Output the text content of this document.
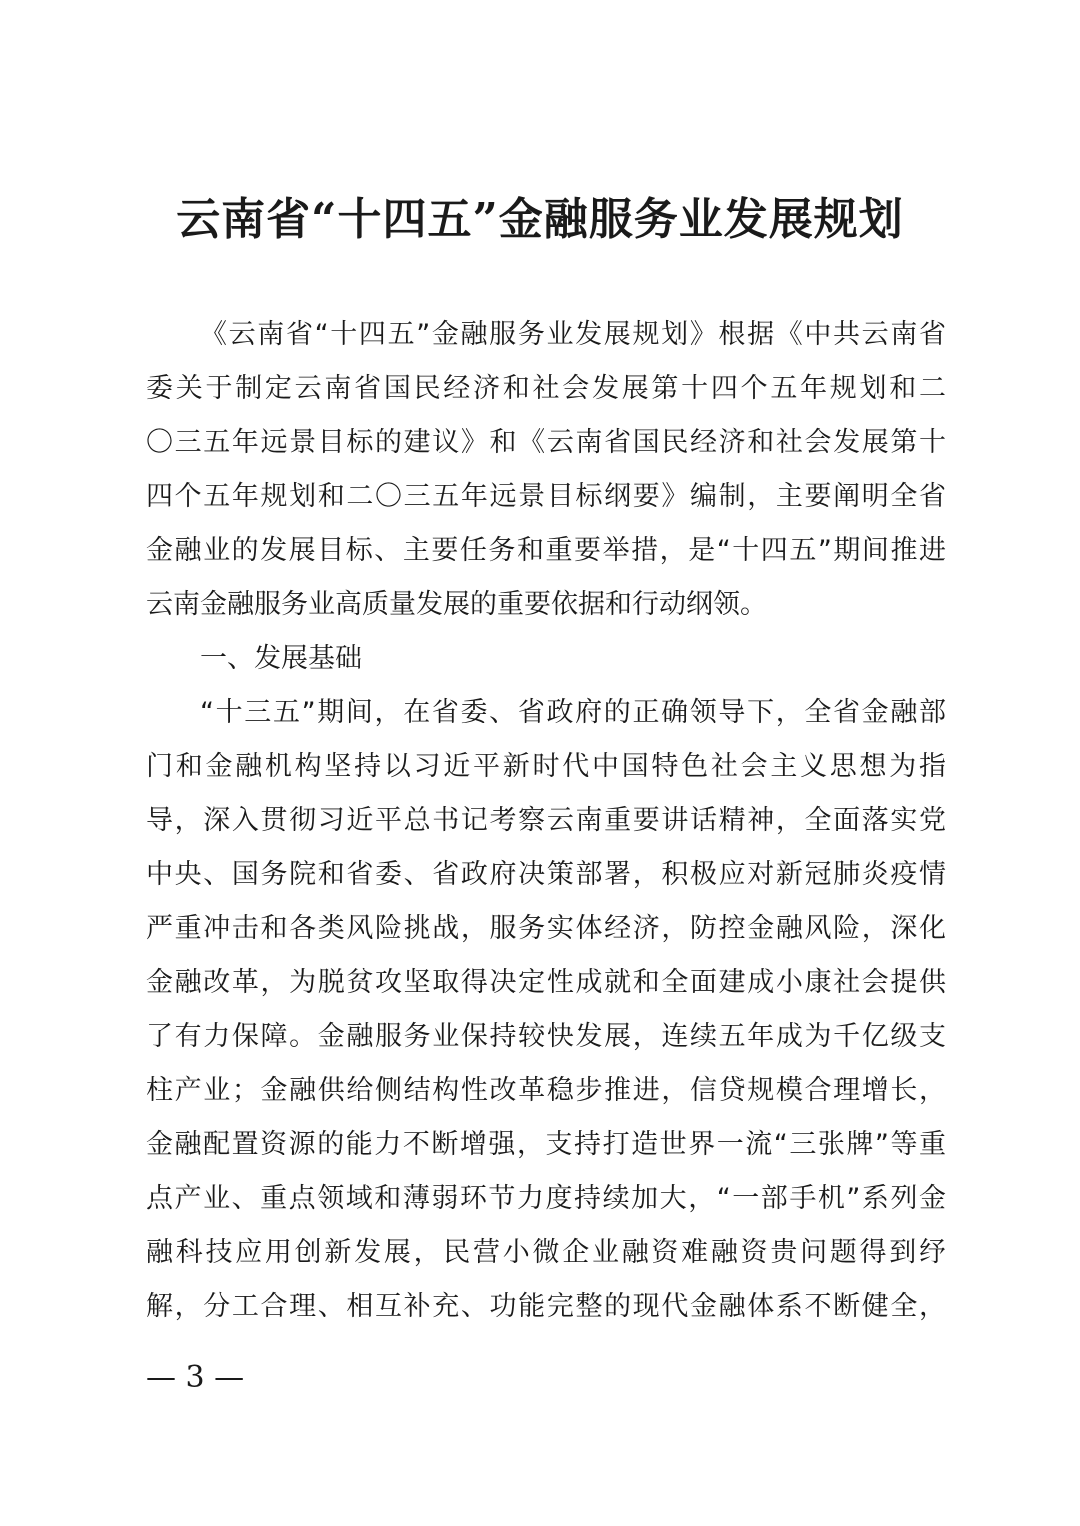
云南省“十四五”金融服务业发展规划
《云南省“十四五”金融服务业发展规划》根据《中共云南省
委关于制定云南省国民经济和社会发展第十四个五年规划和二
〇三五年远景目标的建议》和《云南省国民经济和社会发展第十
四个五年规划和二〇三五年远景目标纲要》编制，主要阐明全省
金融业的发展目标、主要任务和重要举措，是“十四五”期间推进
云南金融服务业高质量发展的重要依据和行动纲领。
一、发展基础
“十三五”期间，在省委、省政府的正确领导下，全省金融部
门和金融机构坚持以习近平新时代中国特色社会主义思想为指
导，深入贯彻习近平总书记考察云南重要讲话精神，全面落实党
中央、国务院和省委、省政府决策部署，积极应对新冠肺炎疫情
严重冲击和各类风险挑战，服务实体经济，防控金融风险，深化
金融改革，为脱贫攻坚取得决定性成就和全面建成小康社会提供
了有力保障。金融服务业保持较快发展，连续五年成为千亿级支
柱产业；金融供给侧结构性改革稳步推进，信贷规模合理增长，
金融配置资源的能力不断增强，支持打造世界一流“三张牌”等重
点产业、重点领域和薄弱环节力度持续加大，“一部手机”系列金
融科技应用创新发展，民营小微企业融资难融资贵问题得到纾
解，分工合理、相互补充、功能完整的现代金融体系不断健全，
— 3 —
